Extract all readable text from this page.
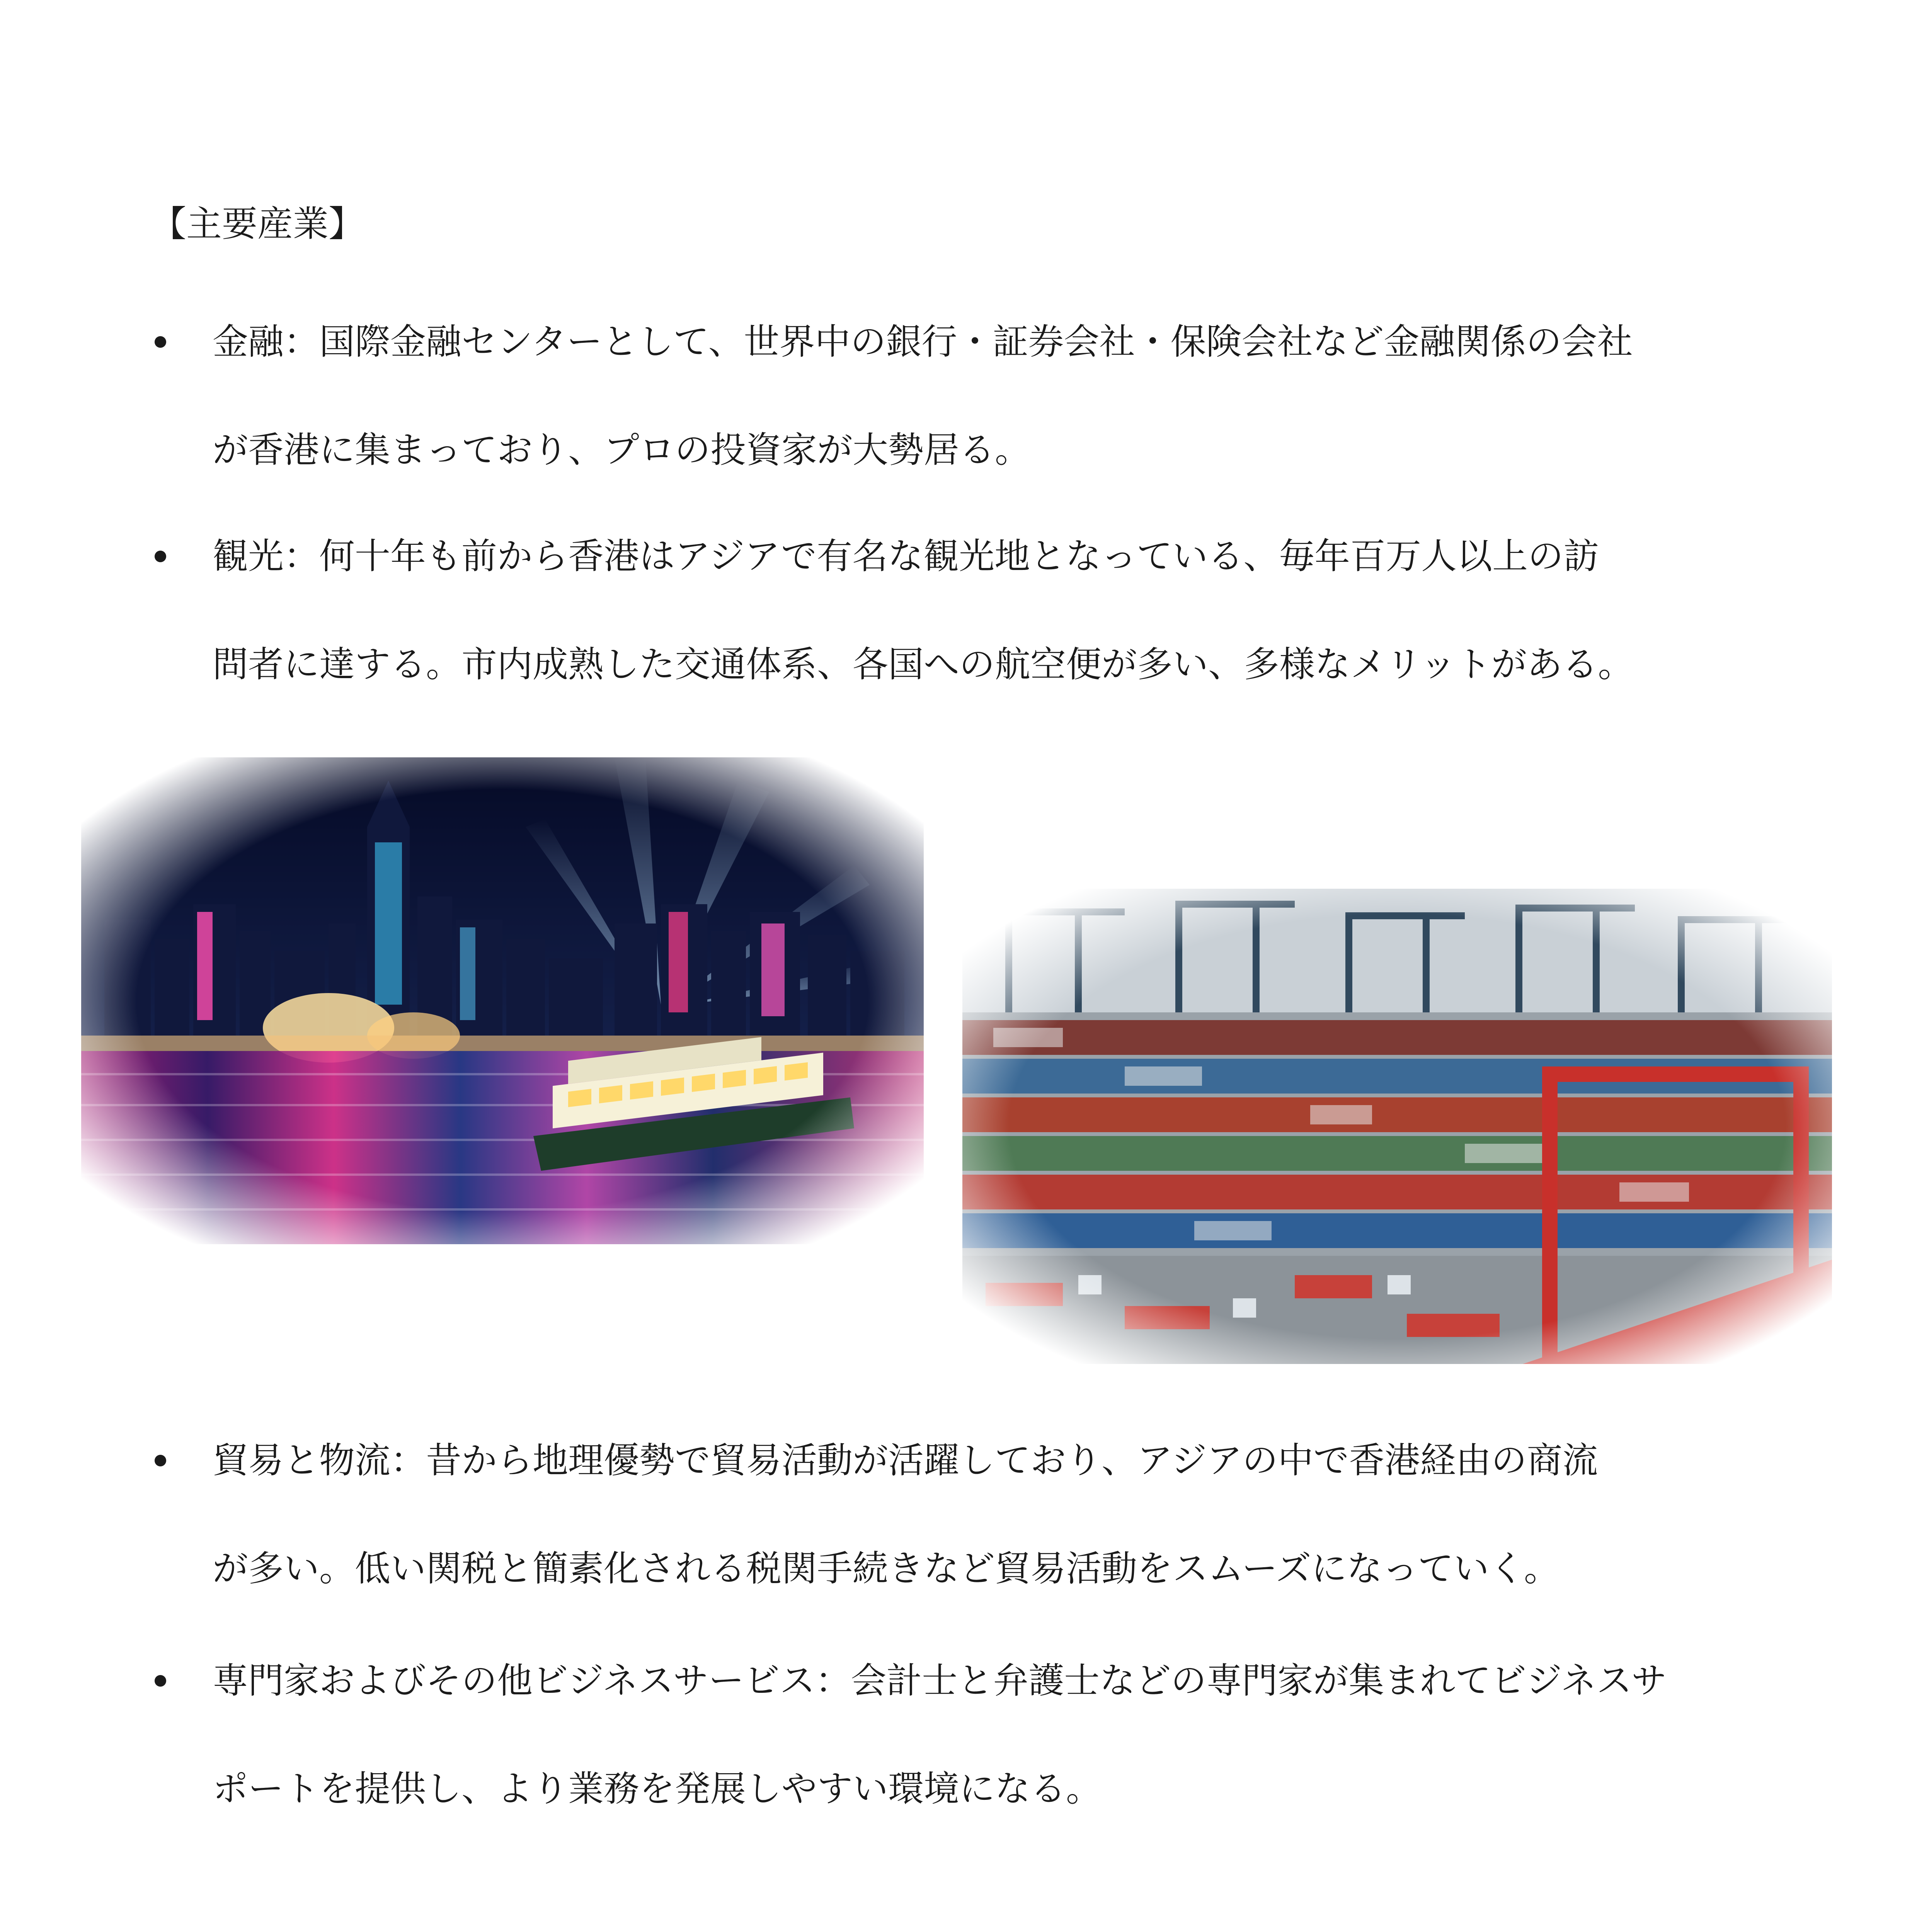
【主要産業】
金融：国際金融センターとして、世界中の銀行・証券会社・保険会社など金融関係の会社
が香港に集まっており、プロの投資家が大勢居る。
観光：何十年も前から香港はアジアで有名な観光地となっている、毎年百万人以上の訪
問者に達する。市内成熟した交通体系、各国への航空便が多い、多様なメリットがある。
貿易と物流：昔から地理優勢で貿易活動が活躍しており、アジアの中で香港経由の商流
が多い。低い関税と簡素化される税関手続きなど貿易活動をスムーズになっていく。
専門家およびその他ビジネスサービス：会計士と弁護士などの専門家が集まれてビジネスサ
ポートを提供し、より業務を発展しやすい環境になる。
